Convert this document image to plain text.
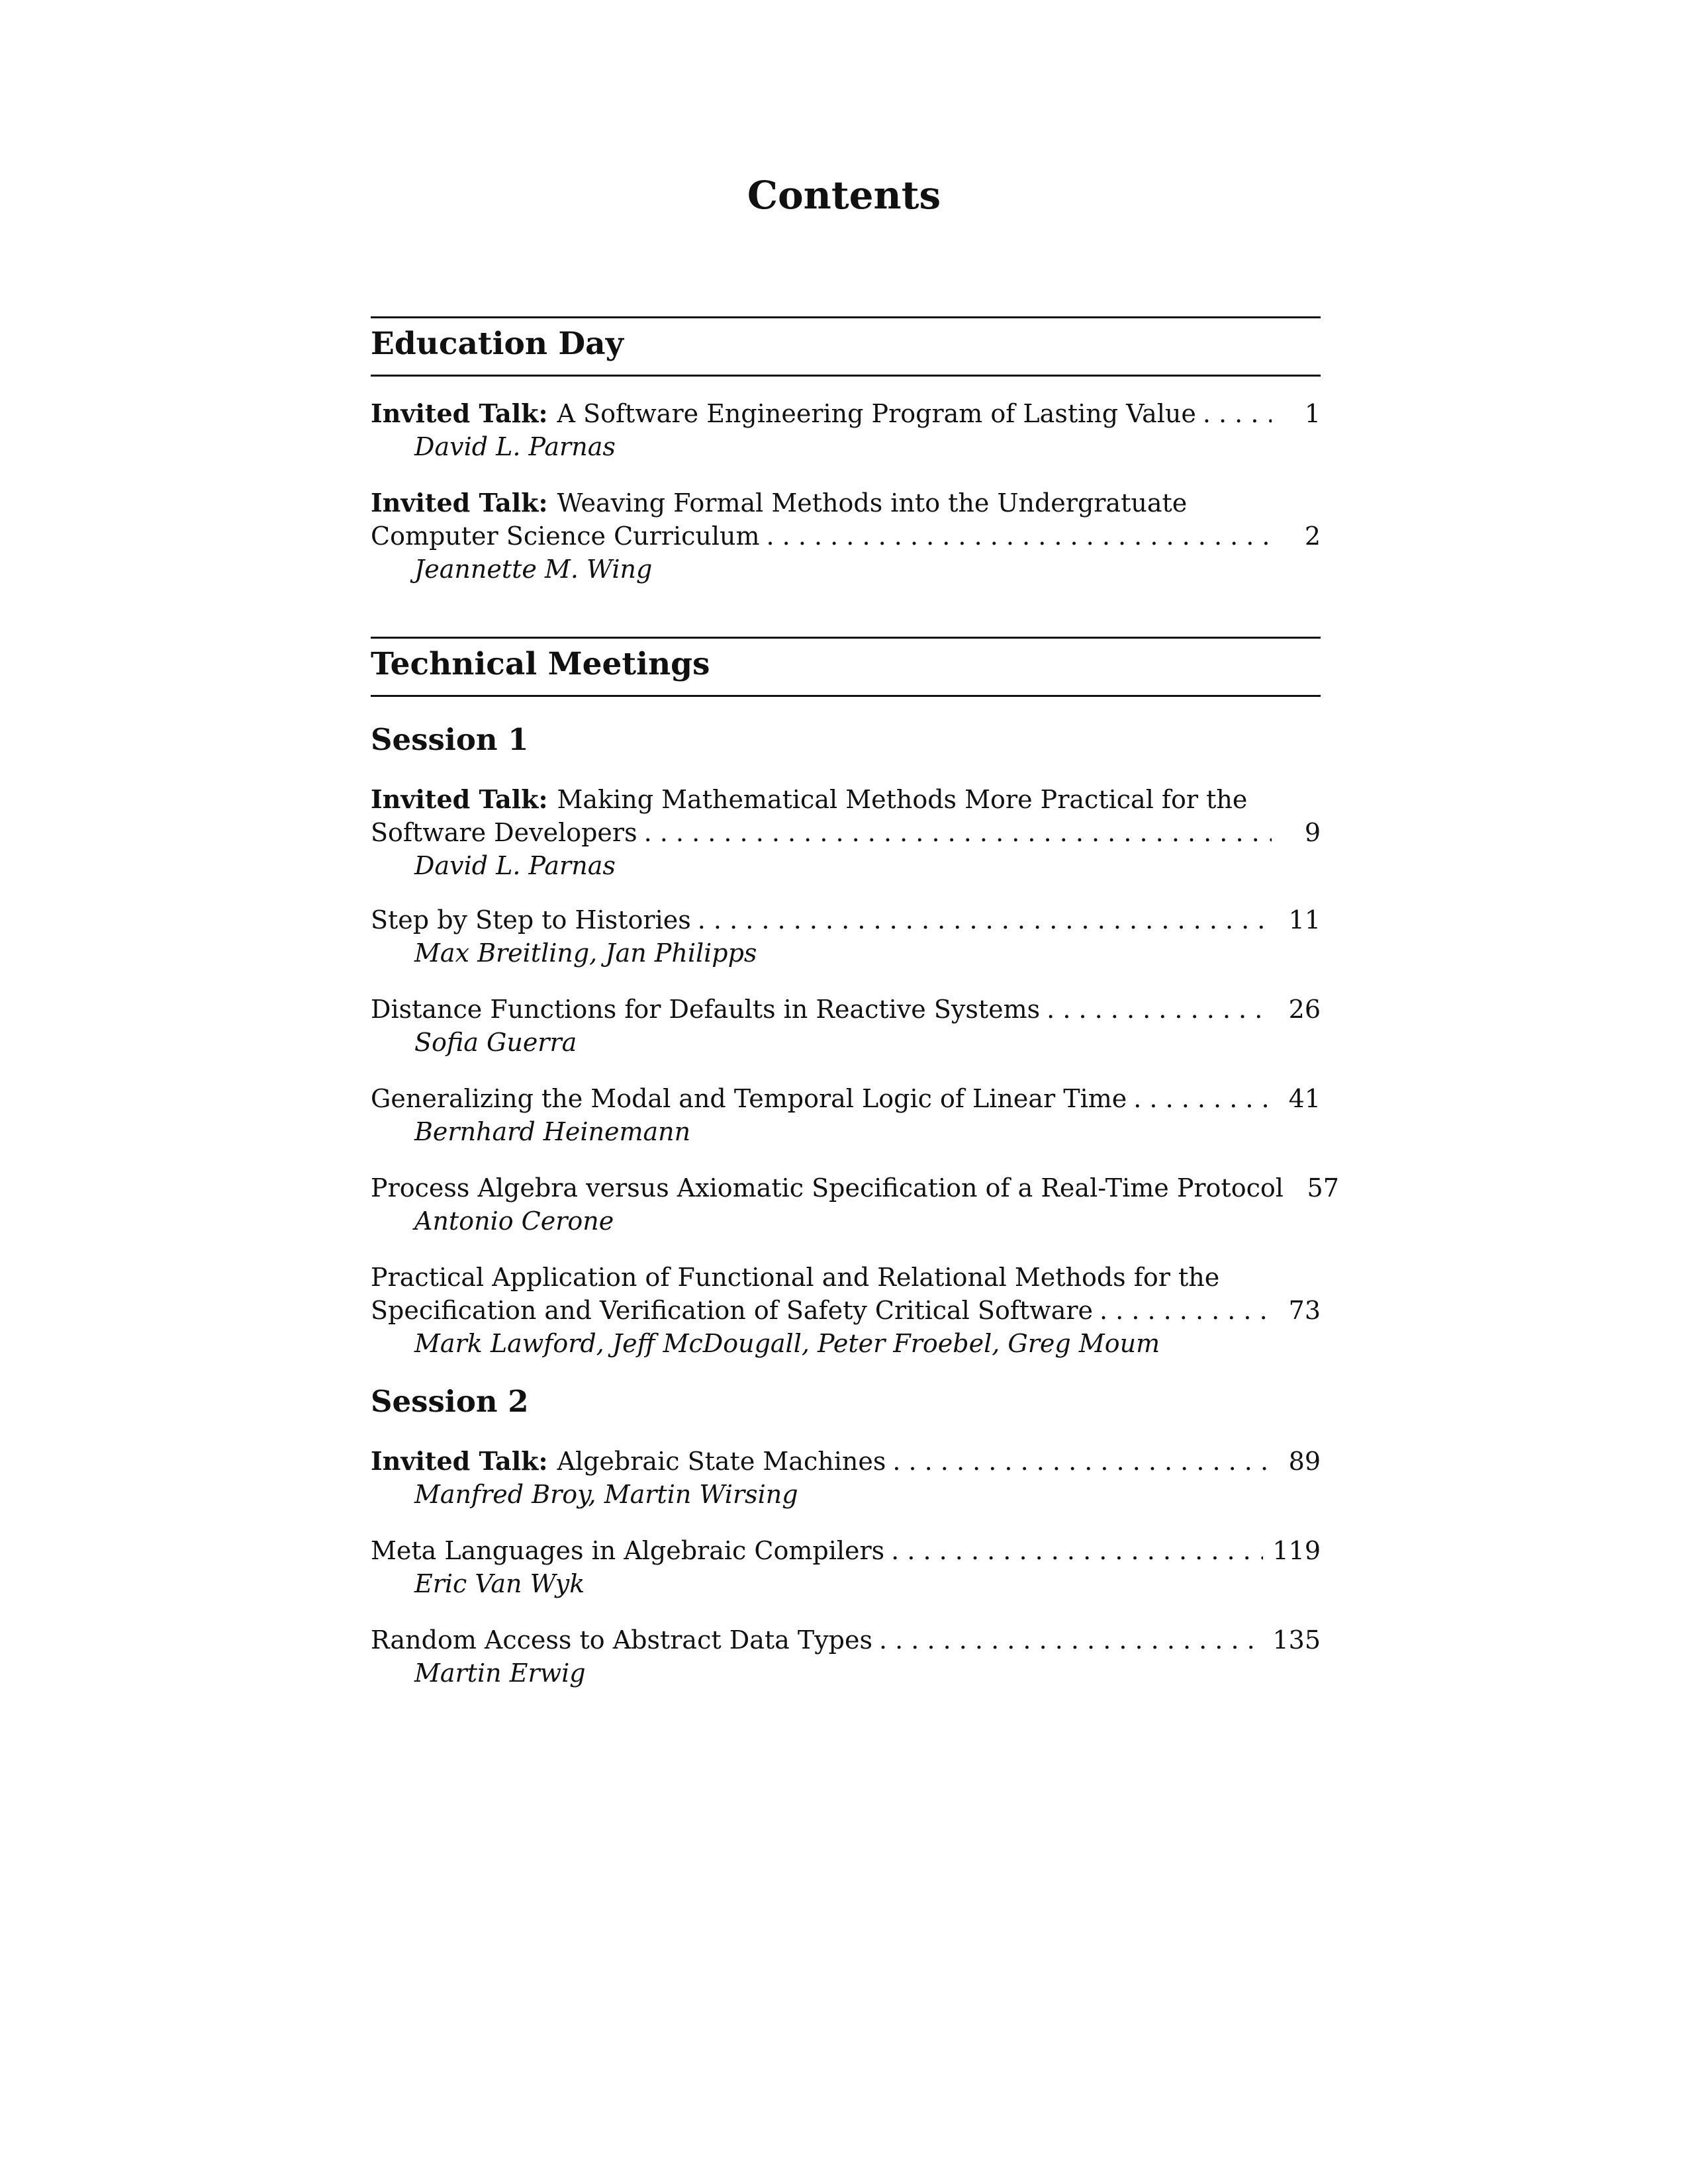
Contents
Education Day
Invited Talk: A Software Engineering Program of Lasting Value . . .	1
David L. Parnas
Invited Talk: Weaving Formal Methods into the Undergratuate
Computer Science Curriculum . . .	2
Jeannette M. Wing
Technical Meetings
Session 1
Invited Talk: Making Mathematical Methods More Practical for the
Software Developers . . .	9
David L. Parnas
Step by Step to Histories . . .	11
Max Breitling, Jan Philipps
Distance Functions for Defaults in Reactive Systems . . .	26
Sofia Guerra
Generalizing the Modal and Temporal Logic of Linear Time . . .	41
Bernhard Heinemann
Process Algebra versus Axiomatic Specification of a Real-Time Protocol 57
Antonio Cerone
Practical Application of Functional and Relational Methods for the
Specification and Verification of Safety Critical Software . . .	73
Mark Lawford, Jeff McDougall, Peter Froebel, Greg Moum
Session 2
Invited Talk: Algebraic State Machines . . .	89
Manfred Broy, Martin Wirsing
Meta Languages in Algebraic Compilers . . .	119
Eric Van Wyk
Random Access to Abstract Data Types . . .	135
Martin Erwig
